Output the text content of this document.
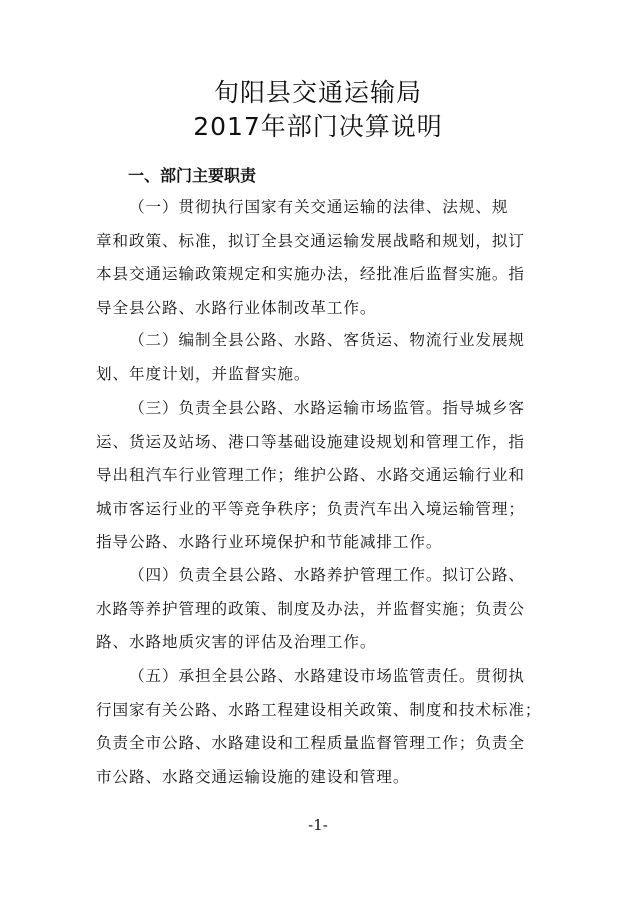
旬阳县交通运输局
2017年部门决算说明
一、部门主要职责
（一）贯彻执行国家有关交通运输的法律、法规、规
章和政策、标准，拟订全县交通运输发展战略和规划，拟订
本县交通运输政策规定和实施办法，经批准后监督实施。指
导全县公路、水路行业体制改革工作。
（二）编制全县公路、水路、客货运、物流行业发展规
划、年度计划，并监督实施。
（三）负责全县公路、水路运输市场监管。指导城乡客
运、货运及站场、港口等基础设施建设规划和管理工作，指
导出租汽车行业管理工作；维护公路、水路交通运输行业和
城市客运行业的平等竞争秩序；负责汽车出入境运输管理；
指导公路、水路行业环境保护和节能减排工作。
（四）负责全县公路、水路养护管理工作。拟订公路、
水路等养护管理的政策、制度及办法，并监督实施；负责公
路、水路地质灾害的评估及治理工作。
（五）承担全县公路、水路建设市场监管责任。贯彻执
行国家有关公路、水路工程建设相关政策、制度和技术标准；
负责全市公路、水路建设和工程质量监督管理工作；负责全
市公路、水路交通运输设施的建设和管理。
-1-
